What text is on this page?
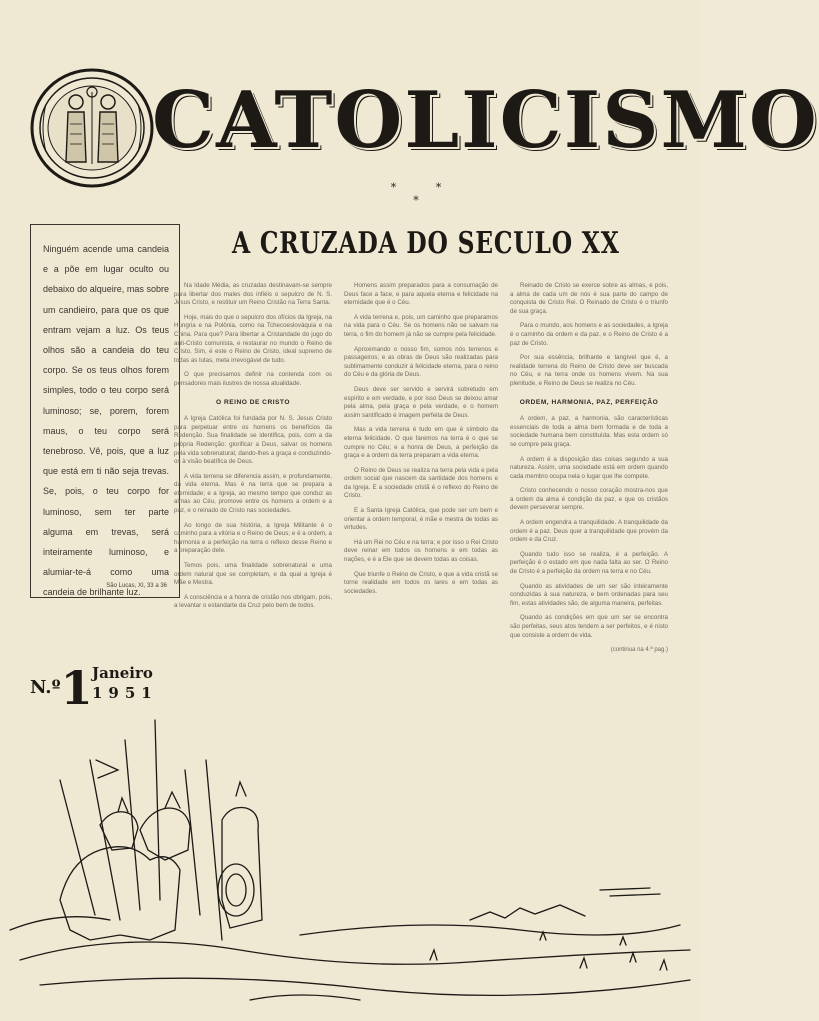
CATOLICISMO
* * *
Ninguém acende uma candeia e a põe em lugar oculto ou debaixo do alqueire, mas sobre um candieiro, para que os que entram vejam a luz. Os teus olhos são a candeia do teu corpo. Se os teus olhos forem simples, todo o teu corpo será luminoso; se, porem, forem maus, o teu corpo será tenebroso. Vê, pois, que a luz que está em ti não seja trevas. Se, pois, o teu corpo for luminoso, sem ter parte alguma em trevas, será inteiramente luminoso, e alumiar-te-á como uma candeia de brilhante luz.
São Lucas, XI, 33 a 36
A CRUZADA DO SECULO XX

Na Idade Média, as cruzadas destinavam-se sempre para libertar dos males dos infiéis o sepulcro de N. S. Jesus Cristo, e restituir um Reino Cristão na Terra Santa.

Hoje, mais do que o sepulcro dos ofícios da Igreja, na Hungria e na Polônia, como na Tchecoeslováquia e na China. Para que? Para libertar a Cristandade do jugo do anti-Cristo comunista, e restaurar no mundo o Reino de Cristo. Sim, é este o Reino de Cristo, ideal supremo de todas as lutas, meta irrevogável de tudo.

O que precisamos definir na contenda com os pensadores mais ilustres de nossa atualidade.

O REINO DE CRISTO

A Igreja Católica foi fundada por N. S. Jesus Cristo para perpetuar entre os homens os benefícios da Redenção. Sua finalidade se identifica, pois, com a da própria Redenção: glorificar a Deus, salvar os homens pela vida sobrenatural, dando-lhes a graça e conduzindo-os à visão beatífica de Deus.

A vida terrena se diferencia assim, e profundamente, da vida eterna. Mas é na terra que se prepara a eternidade; e a Igreja, ao mesmo tempo que conduz as almas ao Céu, promove entre os homens a ordem e a paz, e o reinado de Cristo nas sociedades.

Ao longo de sua história, a Igreja Militante é o caminho para a vitória e o Reino de Deus; e é a ordem, a harmonia e a perfeição na terra o reflexo desse Reino e a preparação dele.

Temos pois, uma finalidade sobrenatural e uma ordem natural que se completam, e da qual a Igreja é Mãe e Mestra.

A consciência e a honra de cristão nos obrigam, pois, a levantar o estandarte da Cruz pelo bem de todos.

Homens assim preparados para a consumação de Deus face a face, e para aquela eterna e felicidade na eternidade que é o Céu.

A vida terrena e, pois, um caminho que preparamos na vida para o Céu. Se os homens não se salvam na terra, o fim do homem já não se cumpre pela felicidade.

Aproximando o nosso fim, somos nós terrenos e passageiros; e as obras de Deus são realizadas para sublimamente conduzir à felicidade eterna, para o reino do Céu e da glória de Deus.

Deus deve ser servido e servirá sobretudo em espírito e em verdade, e por isso Deus se deixou amar pela alma, pela graça e pela verdade, e o homem assim santificado é imagem perfeita de Deus.

Mas a vida terrena é tudo em que é símbolo da eterna felicidade. O que faremos na terra é o que se cumpre no Céu; e a honra de Deus, a perfeição da graça e a ordem da terra preparam a vida eterna.

O Reino de Deus se realiza na terra pela vida e pela ordem social que nascem da santidade dos homens e da Igreja. E a sociedade cristã é o reflexo do Reino de Cristo.

E a Santa Igreja Católica, que pode ser um bem e orientar a ordem temporal, é mãe e mestra de todas as virtudes.

Há um Rei no Céu e na terra; e por isso o Rei Cristo deve reinar em todos os homens e em todas as nações, e é a Ele que se devem todas as coisas.

Que triunfe o Reino de Cristo, e que a vida cristã se torne realidade em todos os lares e em todas as sociedades.

Reinado de Cristo se exerce sobre as almas, e pois, a alma de cada um de nós é sua parte do campo de conquista de Cristo Rei. O Reinado de Cristo é o triunfo de sua graça.

Para o mundo, aos homens e as sociedades, a Igreja é o caminho da ordem e da paz, e o Reino de Cristo é a paz de Cristo.

Por sua essência, brilhante e tangível que é, a realidade terrena do Reino de Cristo deve ser buscada no Céu, e na terra onde os homens vivem. Na sua plenitude, e Reino de Deus se realiza no Céu.

ORDEM, HARMONIA, PAZ, PERFEIÇÃO

A ordem, a paz, a harmonia, são características essenciais de toda a alma bem formada e de toda a sociedade humana bem constituída. Mas esta ordem só se cumpre pela graça.

A ordem é a disposição das coisas segundo a sua natureza. Assim, uma sociedade está em ordem quando cada membro ocupa nela o lugar que lhe compete.

Cristo conhecendo o nosso coração mostra-nos que a ordem da alma é condição da paz, e que os cristãos devem perseverar sempre.

A ordem engendra a tranquilidade. A tranquilidade da ordem é a paz. Deus quer a tranquilidade que provém da ordem e da Cruz.

Quando tudo isso se realiza, é a perfeição. A perfeição é o estado em que nada falta ao ser. O Reino de Cristo é a perfeição da ordem na terra e no Céu.

Quando as atividades de um ser são inteiramente conduzidas à sua natureza, e bem ordenadas para seu fim, estas atividades são, de alguma maneira, perfeitas.

Quando as condições em que um ser se encontra são perfeitas, seus atos tendem a ser perfeitos, e é nisto que consiste a ordem de vida.

(continua na 4.ª pag.)
$^{N.º}$1 Janeiro
1951
